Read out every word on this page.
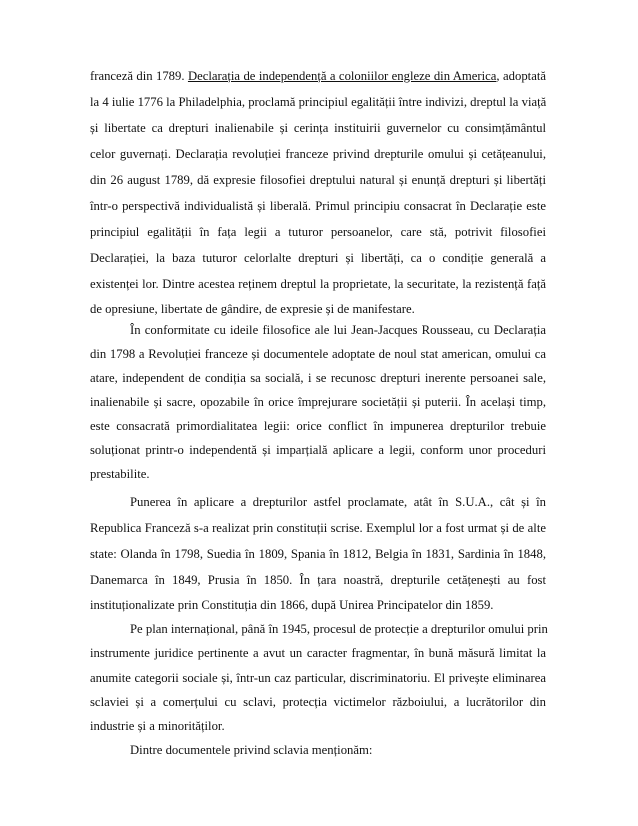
franceză din 1789. Declarația de independență a coloniilor engleze din America, adoptată
la 4 iulie 1776 la Philadelphia, proclamă principiul egalității între indivizi, dreptul la viață
și libertate ca drepturi inalienabile și cerința instituirii guvernelor cu consimțământul
celor guvernați. Declarația revoluției franceze privind drepturile omului și cetățeanului,
din 26 august 1789, dă expresie filosofiei dreptului natural și enunță drepturi și libertăți
într-o perspectivă individualistă și liberală. Primul principiu consacrat în Declarație este
principiul egalității în fața legii a tuturor persoanelor, care stă, potrivit filosofiei
Declarației, la baza tuturor celorlalte drepturi și libertăți, ca o condiție generală a
existenței lor. Dintre acestea reținem dreptul la proprietate, la securitate, la rezistență față
de opresiune, libertate de gândire, de expresie și de manifestare.
În conformitate cu ideile filosofice ale lui Jean-Jacques Rousseau, cu Declarația
din 1798 a Revoluției franceze și documentele adoptate de noul stat american, omului ca
atare, independent de condiția sa socială, i se recunosc drepturi inerente persoanei sale,
inalienabile și sacre, opozabile în orice împrejurare societății și puterii. În același timp,
este consacrată primordialitatea legii: orice conflict în impunerea drepturilor trebuie
soluționat printr-o independentă și imparțială aplicare a legii, conform unor proceduri
prestabilite.
Punerea în aplicare a drepturilor astfel proclamate, atât în S.U.A., cât și în
Republica Franceză s-a realizat prin constituții scrise. Exemplul lor a fost urmat și de alte
state: Olanda în 1798, Suedia în 1809, Spania în 1812, Belgia în 1831, Sardinia în 1848,
Danemarca în 1849, Prusia în 1850. În țara noastră, drepturile cetățenești au fost
instituționalizate prin Constituția din 1866, după Unirea Principatelor din 1859.
Pe plan internațional, până în 1945, procesul de protecție a drepturilor omului prin
instrumente juridice pertinente a avut un caracter fragmentar, în bună măsură limitat la
anumite categorii sociale și, într-un caz particular, discriminatoriu. El privește eliminarea
sclaviei și a comerțului cu sclavi, protecția victimelor războiului, a lucrătorilor din
industrie și a minorităților.
Dintre documentele privind sclavia menționăm:
